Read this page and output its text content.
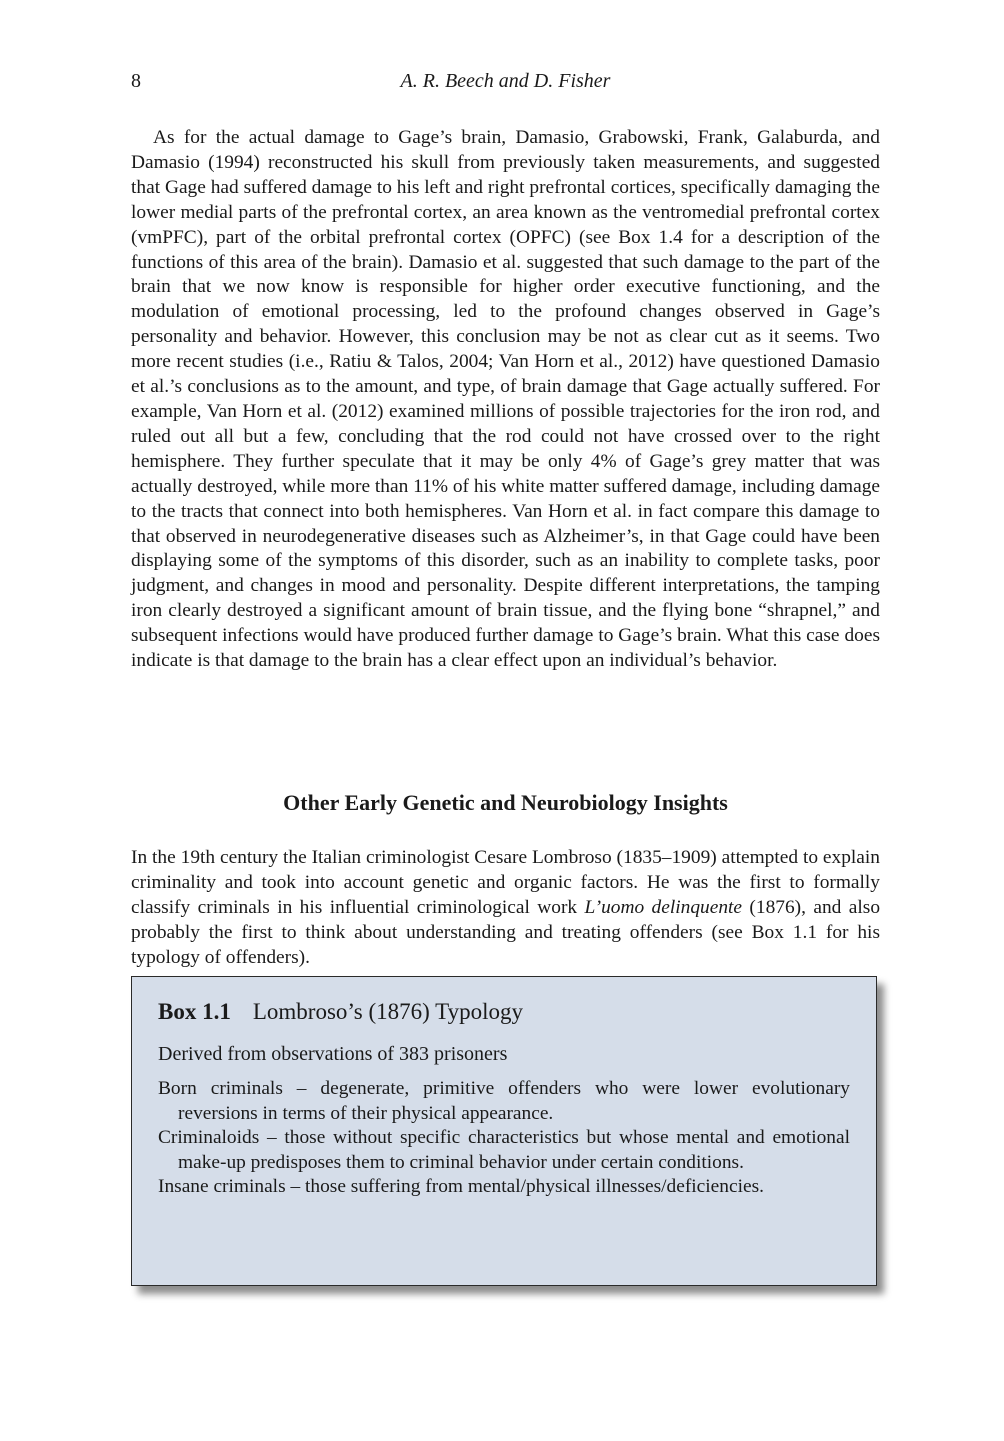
8	A. R. Beech and D. Fisher

As for the actual damage to Gage’s brain, Damasio, Grabowski, Frank, Galaburda, and Damasio (1994) reconstructed his skull from previously taken measurements, and suggested that Gage had suffered damage to his left and right prefrontal cortices, specifically damaging the lower medial parts of the prefrontal cortex, an area known as the ventromedial prefrontal cortex (vmPFC), part of the orbital prefrontal cortex (OPFC) (see Box 1.4 for a description of the functions of this area of the brain). Damasio et al. suggested that such damage to the part of the brain that we now know is responsible for higher order executive functioning, and the modulation of emotional processing, led to the profound changes observed in Gage’s personality and behavior. However, this conclusion may be not as clear cut as it seems. Two more recent studies (i.e., Ratiu & Talos, 2004; Van Horn et al., 2012) have questioned Damasio et al.’s conclusions as to the amount, and type, of brain damage that Gage actually suffered. For example, Van Horn et al. (2012) examined millions of possible trajectories for the iron rod, and ruled out all but a few, concluding that the rod could not have crossed over to the right hemisphere. They further speculate that it may be only 4% of Gage’s grey matter that was actually destroyed, while more than 11% of his white matter suffered damage, including damage to the tracts that connect into both hemispheres. Van Horn et al. in fact compare this damage to that observed in neurodegenerative diseases such as Alzheimer’s, in that Gage could have been displaying some of the symptoms of this disorder, such as an inability to complete tasks, poor judgment, and changes in mood and personality. Despite different interpretations, the tamping iron clearly destroyed a significant amount of brain tissue, and the flying bone “shrapnel,” and subsequent infections would have produced further damage to Gage’s brain. What this case does indicate is that damage to the brain has a clear effect upon an individual’s behavior.

Other Early Genetic and Neurobiology Insights

In the 19th century the Italian criminologist Cesare Lombroso (1835–1909) attempted to explain criminality and took into account genetic and organic factors. He was the first to formally classify criminals in his influential criminological work L’uomo delinquente (1876), and also probably the first to think about understanding and treating offenders (see Box 1.1 for his typology of offenders).

Box 1.1 Lombroso’s (1876) Typology
Derived from observations of 383 prisoners
Born criminals – degenerate, primitive offenders who were lower evolutionary reversions in terms of their physical appearance.
Criminaloids – those without specific characteristics but whose mental and emotional make-up predisposes them to criminal behavior under certain conditions.
Insane criminals – those suffering from mental/physical illnesses/deficiencies.
